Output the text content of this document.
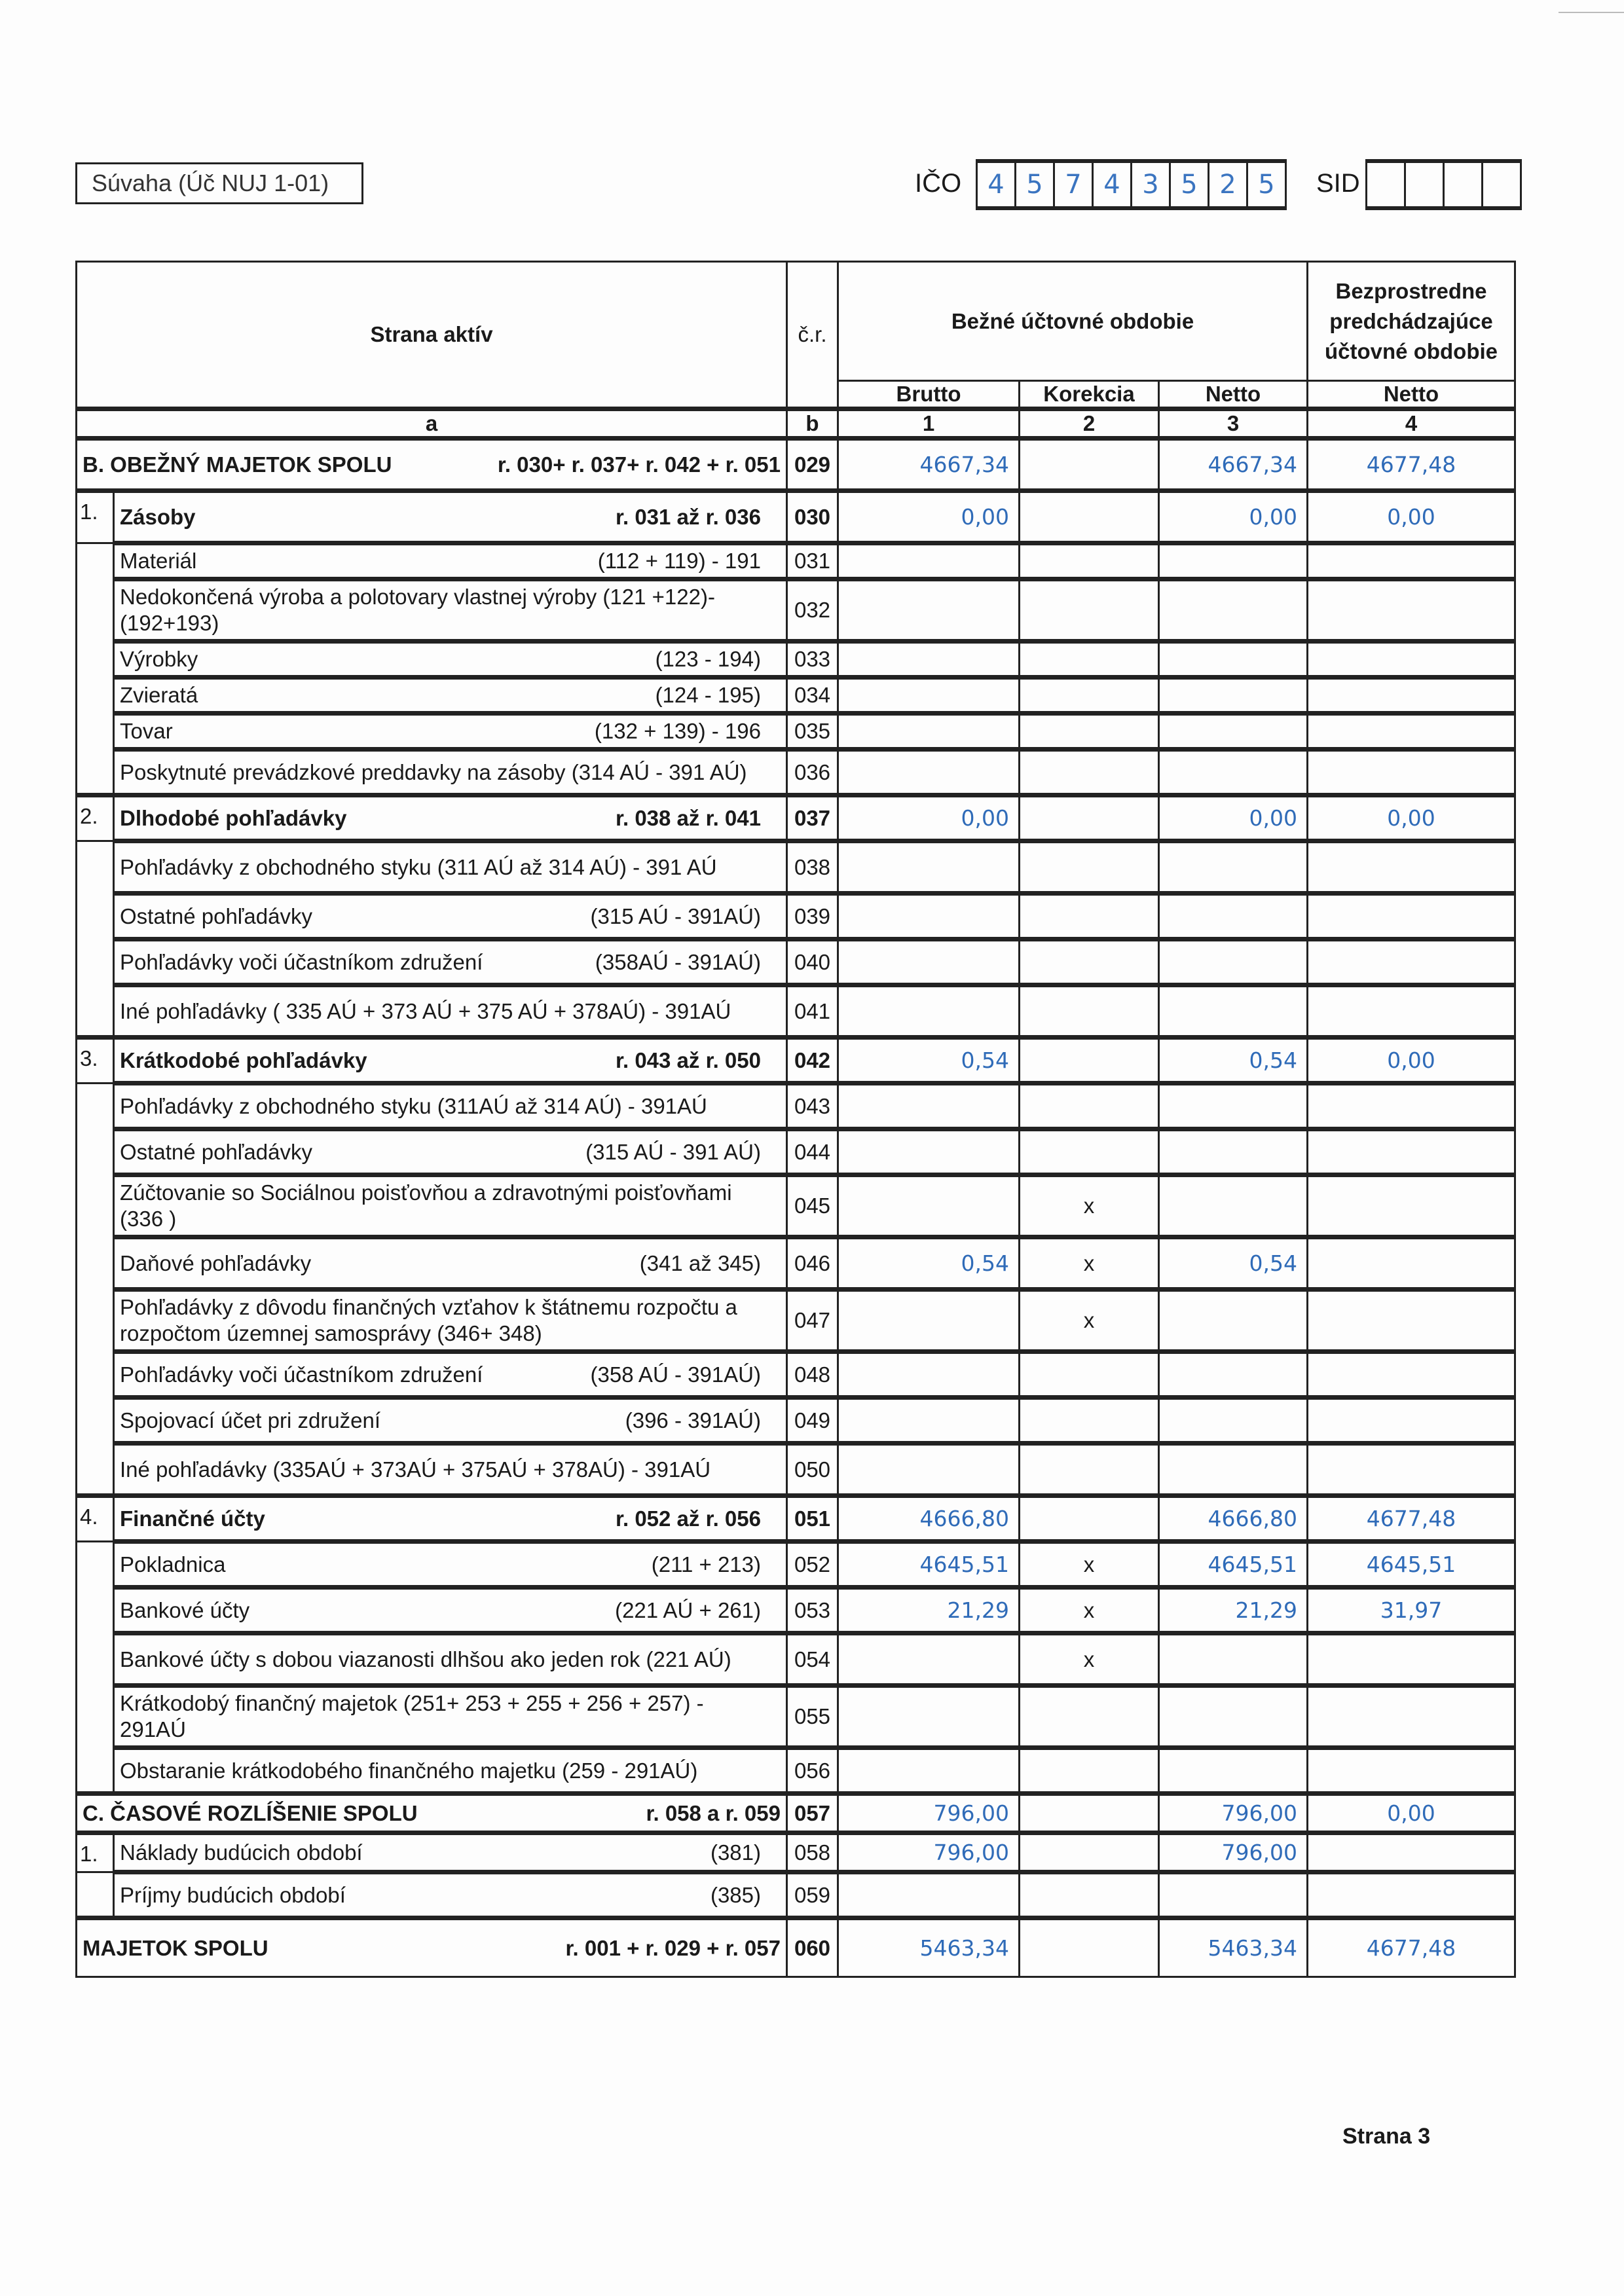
Súvaha (Úč NUJ 1-01)	IČO	4 5 7 4 3 5 2 5	SID
Strana aktív		č.r.	Bežné účtovné obdobie			Bezprostredne predchádzajúce účtovné obdobie
			Brutto	Korekcia	Netto	Netto
a		b	1	2	3	4

B. OBEŽNÝ MAJETOK SPOLU r. 030+ r. 037+ r. 042 + r. 051		029	4667,34		4667,34	4677,48
1.	Zásoby r. 031 až r. 036	030	0,00		0,00	0,00

	Materiál (112 + 119) - 191	031				

	Nedokončená výroba a polotovary vlastnej výroby (121 +122)-(192+193)	032				

	Výrobky (123 - 194)	033				

	Zvieratá (124 - 195)	034				

	Tovar (132 + 139) - 196	035				

	Poskytnuté prevádzkové preddavky na zásoby (314 AÚ - 391 AÚ)	036				
2.	Dlhodobé pohľadávky r. 038 až r. 041	037	0,00		0,00	0,00

	Pohľadávky z obchodného styku (311 AÚ až 314 AÚ) - 391 AÚ	038				

	Ostatné pohľadávky (315 AÚ - 391AÚ)	039				

	Pohľadávky voči účastníkom združení (358AÚ - 391AÚ)	040				

	Iné pohľadávky ( 335 AÚ + 373 AÚ + 375 AÚ + 378AÚ) - 391AÚ	041				
3.	Krátkodobé pohľadávky r. 043 až r. 050	042	0,54		0,54	0,00

	Pohľadávky z obchodného styku (311AÚ až 314 AÚ) - 391AÚ	043				

	Ostatné pohľadávky (315 AÚ - 391 AÚ)	044				

	Zúčtovanie so Sociálnou poisťovňou a zdravotnými poisťovňami (336 )	045		x		

	Daňové pohľadávky (341 až 345)	046	0,54	x	0,54	

	Pohľadávky z dôvodu finančných vzťahov k štátnemu rozpočtu a rozpočtom územnej samosprávy (346+ 348)	047		x		

	Pohľadávky voči účastníkom združení (358 AÚ - 391AÚ)	048				

	Spojovací účet pri združení (396 - 391AÚ)	049				

	Iné pohľadávky (335AÚ + 373AÚ + 375AÚ + 378AÚ) - 391AÚ	050				
4.	Finančné účty r. 052 až r. 056	051	4666,80		4666,80	4677,48

	Pokladnica (211 + 213)	052	4645,51	x	4645,51	4645,51

	Bankové účty (221 AÚ + 261)	053	21,29	x	21,29	31,97

	Bankové účty s dobou viazanosti dlhšou ako jeden rok (221 AÚ)	054		x		

	Krátkodobý finančný majetok (251+ 253 + 255 + 256 + 257) - 291AÚ	055				

	Obstaranie krátkodobého finančného majetku (259 - 291AÚ)	056				

C. ČASOVÉ ROZLÍŠENIE SPOLU r. 058 a r. 059		057	796,00		796,00	0,00
1.	Náklady budúcich období (381)	058	796,00		796,00	

	Príjmy budúcich období (385)	059				

MAJETOK SPOLU r. 001 + r. 029 + r. 057		060	5463,34		5463,34	4677,48
Strana 3
